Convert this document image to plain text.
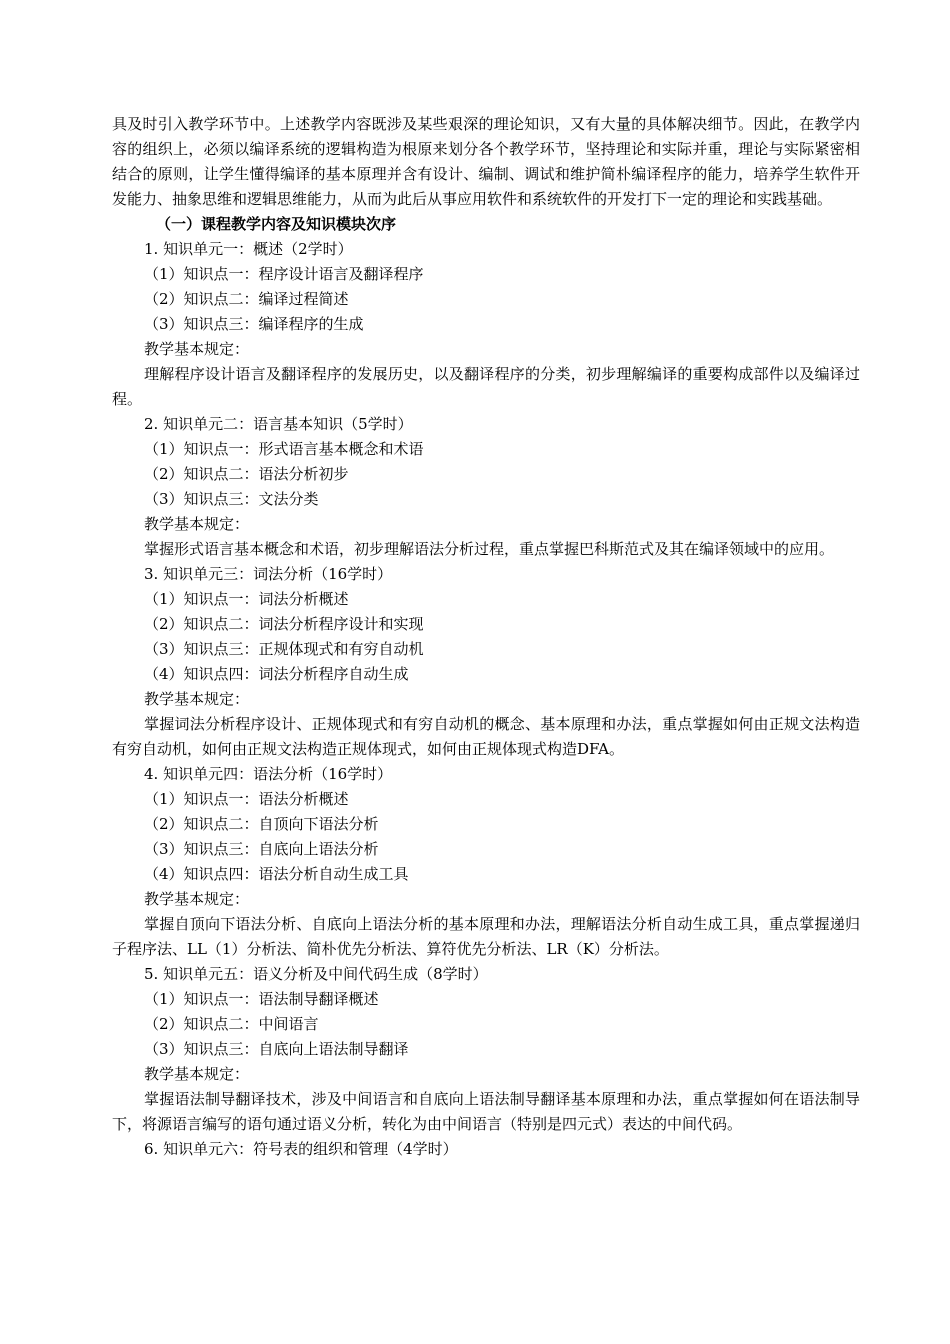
具及时引入教学环节中。上述教学内容既涉及某些艰深的理论知识，又有大量的具体解决细节。因此，在教学内容的组织上，必须以编译系统的逻辑构造为根原来划分各个教学环节，坚持理论和实际并重，理论与实际紧密相结合的原则，让学生懂得编译的基本原理并含有设计、编制、调试和维护简朴编译程序的能力，培养学生软件开发能力、抽象思维和逻辑思维能力，从而为此后从事应用软件和系统软件的开发打下一定的理论和实践基础。

（一）课程教学内容及知识模块次序

1. 知识单元一：概述（2学时）

（1）知识点一：程序设计语言及翻译程序

（2）知识点二：编译过程简述

（3）知识点三：编译程序的生成

教学基本规定：

理解程序设计语言及翻译程序的发展历史，以及翻译程序的分类，初步理解编译的重要构成部件以及编译过程。

2. 知识单元二：语言基本知识（5学时）

（1）知识点一：形式语言基本概念和术语

（2）知识点二：语法分析初步

（3）知识点三：文法分类

教学基本规定：

掌握形式语言基本概念和术语，初步理解语法分析过程，重点掌握巴科斯范式及其在编译领域中的应用。

3. 知识单元三：词法分析（16学时）

（1）知识点一：词法分析概述

（2）知识点二：词法分析程序设计和实现

（3）知识点三：正规体现式和有穷自动机

（4）知识点四：词法分析程序自动生成

教学基本规定：

掌握词法分析程序设计、正规体现式和有穷自动机的概念、基本原理和办法，重点掌握如何由正规文法构造有穷自动机，如何由正规文法构造正规体现式，如何由正规体现式构造DFA。

4. 知识单元四：语法分析（16学时）

（1）知识点一：语法分析概述

（2）知识点二：自顶向下语法分析

（3）知识点三：自底向上语法分析

（4）知识点四：语法分析自动生成工具

教学基本规定：

掌握自顶向下语法分析、自底向上语法分析的基本原理和办法，理解语法分析自动生成工具，重点掌握递归子程序法、LL（1）分析法、简朴优先分析法、算符优先分析法、LR（K）分析法。

5. 知识单元五：语义分析及中间代码生成（8学时）

（1）知识点一：语法制导翻译概述

（2）知识点二：中间语言

（3）知识点三：自底向上语法制导翻译

教学基本规定：

掌握语法制导翻译技术，涉及中间语言和自底向上语法制导翻译基本原理和办法，重点掌握如何在语法制导下，将源语言编写的语句通过语义分析，转化为由中间语言（特别是四元式）表达的中间代码。

6. 知识单元六：符号表的组织和管理（4学时）
